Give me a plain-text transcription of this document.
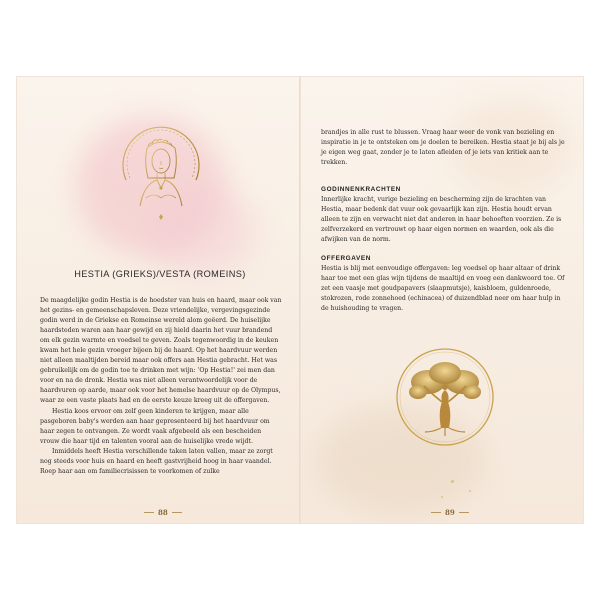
HESTIA (GRIEKS)/VESTA (ROMEINS)

De maagdelijke godin Hestia is de hoedster van huis en haard, maar ook van het gezins- en gemeenschapsleven. Deze vriendelijke, vergevingsgezinde godin werd in de Griekse en Romeinse wereld alom geëerd. De huiselijke haardsteden waren aan haar gewijd en zij hield daarin het vuur brandend om elk gezin warmte en voedsel te geven. Zoals tegenwoordig in de keuken kwam het hele gezin vroeger bijeen bij de haard. Op het haardvuur werden niet alleen maaltijden bereid maar ook offers aan Hestia gebracht. Het was gebruikelijk om de godin toe te drinken met wijn: 'Op Hestia!' zei men dan voor en na de dronk. Hestia was niet alleen verantwoordelijk voor de haardvuren op aarde, maar ook voor het hemelse haardvuur op de Olympus, waar ze een vaste plaats had en de eerste keuze kreeg uit de offergaven.

Hestia koos ervoor om zelf geen kinderen te krijgen, maar alle pasgeboren baby's werden aan haar gepresenteerd bij het haardvuur om haar zegen te ontvangen. Ze wordt vaak afgebeeld als een bescheiden vrouw die haar tijd en talenten vooral aan de huiselijke vrede wijdt.

Inmiddels heeft Hestia verschillende taken laten vallen, maar ze zorgt nog steeds voor huis en haard en heeft gastvrijheid hoog in haar vaandel. Roep haar aan om familiecrisissen te voorkomen of zulke

88
brandjes in alle rust te blussen. Vraag haar weer de vonk van bezieling en inspiratie in je te ontsteken om je doelen te bereiken. Hestia staat je bij als je je eigen weg gaat, zonder je te laten afleiden of je iets van kritiek aan te trekken.
GODINNENKRACHTEN
Innerlijke kracht, vurige bezieling en bescherming zijn de krachten van Hestia, maar bedenk dat vuur ook gevaarlijk kan zijn. Hestia houdt ervan alleen te zijn en verwacht niet dat anderen in haar behoeften voorzien. Ze is zelfverzekerd en vertrouwt op haar eigen normen en waarden, ook als die afwijken van de norm.
OFFERGAVEN
Hestia is blij met eenvoudige offergaven: leg voedsel op haar altaar of drink haar toe met een glas wijn tijdens de maaltijd en voeg een dankwoord toe. Of zet een vaasje met goudpapavers (slaapmutsje), kaisbloem, guldenroede, stokrozen, rode zonnehoed (echinacea) of duizendblad neer om haar hulp in de huishouding te vragen.
89
